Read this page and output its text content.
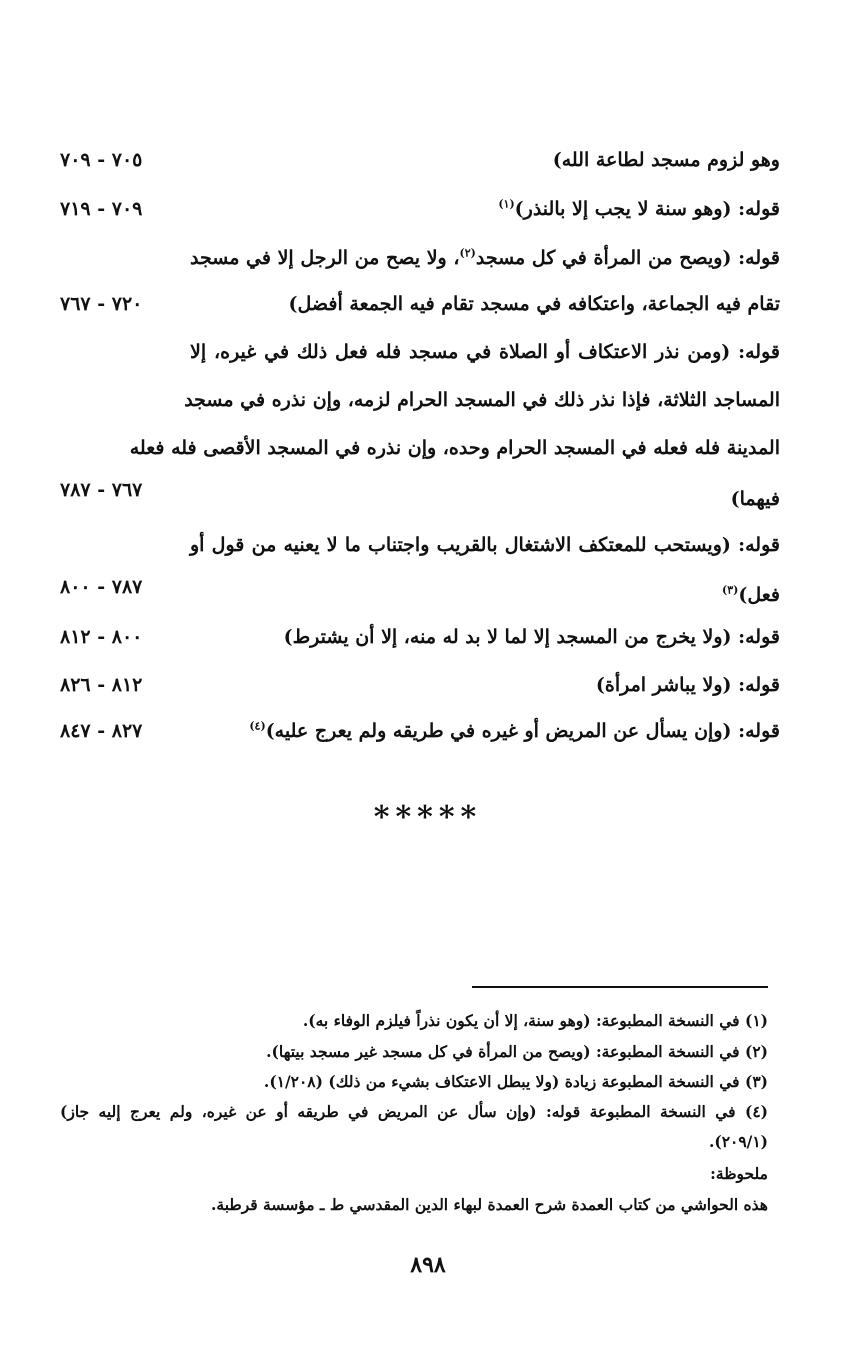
وهو لزوم مسجد لطاعة الله)
٧٠٥ - ٧٠٩
قوله: (وهو سنة لا يجب إلا بالنذر)$^{(١)}$
٧٠٩ - ٧١٩
قوله: (ويصح من المرأة في كل مسجد$^{(٢)}$، ولا يصح من الرجل إلا في مسجد
تقام فيه الجماعة، واعتكافه في مسجد تقام فيه الجمعة أفضل)
٧٢٠ - ٧٦٧
قوله: (ومن نذر الاعتكاف أو الصلاة في مسجد فله فعل ذلك في غيره، إلا
المساجد الثلاثة، فإذا نذر ذلك في المسجد الحرام لزمه، وإن نذره في مسجد
المدينة فله فعله في المسجد الحرام وحده، وإن نذره في المسجد الأقصى فله فعله
فيهما)
٧٦٧ - ٧٨٧
قوله: (ويستحب للمعتكف الاشتغال بالقريب واجتناب ما لا يعنيه من قول أو
فعل)$^{(٣)}$
٧٨٧ - ٨٠٠
قوله: (ولا يخرج من المسجد إلا لما لا بد له منه، إلا أن يشترط)
٨٠٠ - ٨١٢
قوله: (ولا يباشر امرأة)
٨١٢ - ٨٢٦
قوله: (وإن يسأل عن المريض أو غيره في طريقه ولم يعرج عليه)$^{(٤)}$
٨٢٧ - ٨٤٧
*****
(١) في النسخة المطبوعة: (وهو سنة، إلا أن يكون نذراً فيلزم الوفاء به).
(٢) في النسخة المطبوعة: (ويصح من المرأة في كل مسجد غير مسجد بيتها).
(٣) في النسخة المطبوعة زيادة (ولا يبطل الاعتكاف بشيء من ذلك) (١/٢٠٨).
(٤) في النسخة المطبوعة قوله: (وإن سأل عن المريض في طريقه أو عن غيره، ولم يعرج إليه جاز)
(٢٠٩/١).
ملحوظة:
هذه الحواشي من كتاب العمدة شرح العمدة لبهاء الدين المقدسي ط ـ مؤسسة قرطبة.
٨٩٨
